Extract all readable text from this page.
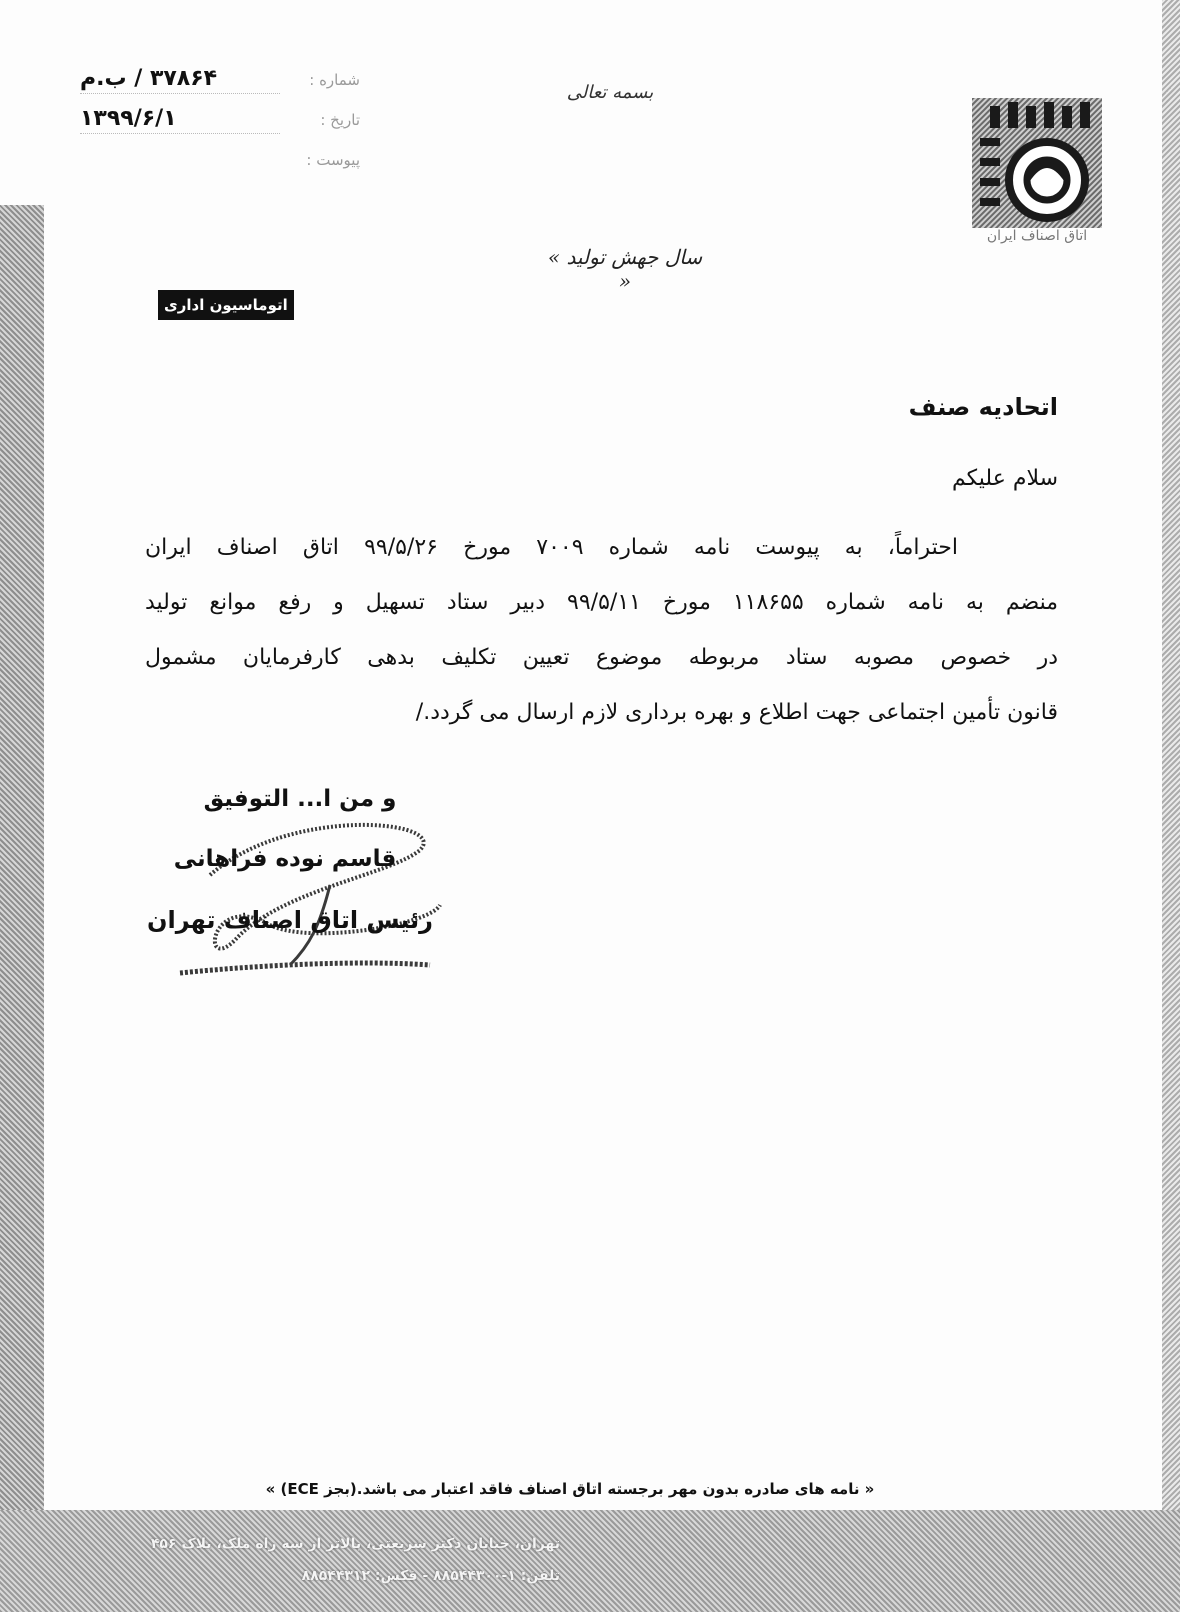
شماره :
۳۷۸۶۴ / ب.م
تاریخ :
۱۳۹۹/۶/۱
پیوست :
بسمه تعالی
« سال جهش تولید »
اتاق اصناف ایران
اتوماسیون اداری
اتحادیه صنف
سلام علیکم
احتراماً، به پیوست نامه شماره ۷۰۰۹ مورخ ۹۹/۵/۲۶ اتاق اصناف ایران
منضم به نامه شماره ۱۱۸۶۵۵ مورخ ۹۹/۵/۱۱ دبیر ستاد تسهیل و رفع موانع تولید
در خصوص مصوبه ستاد مربوطه موضوع تعیین تکلیف بدهی کارفرمایان مشمول
قانون تأمین اجتماعی جهت اطلاع و بهره برداری لازم ارسال می گردد./
و من ا... التوفیق
قاسم نوده فراهانی
رئیس اتاق اصناف تهران
« نامه های صادره بدون مهر برجسته اتاق اصناف فاقد اعتبار می باشد.(بجز ECE) »
تهران، خیابان دکتر شریعتی، بالاتر از سه راه ملک، پلاک ۴۵۶
تلفن: ۱-۸۸۵۴۴۳۰۰ - فکس: ۸۸۵۴۴۳۱۲
